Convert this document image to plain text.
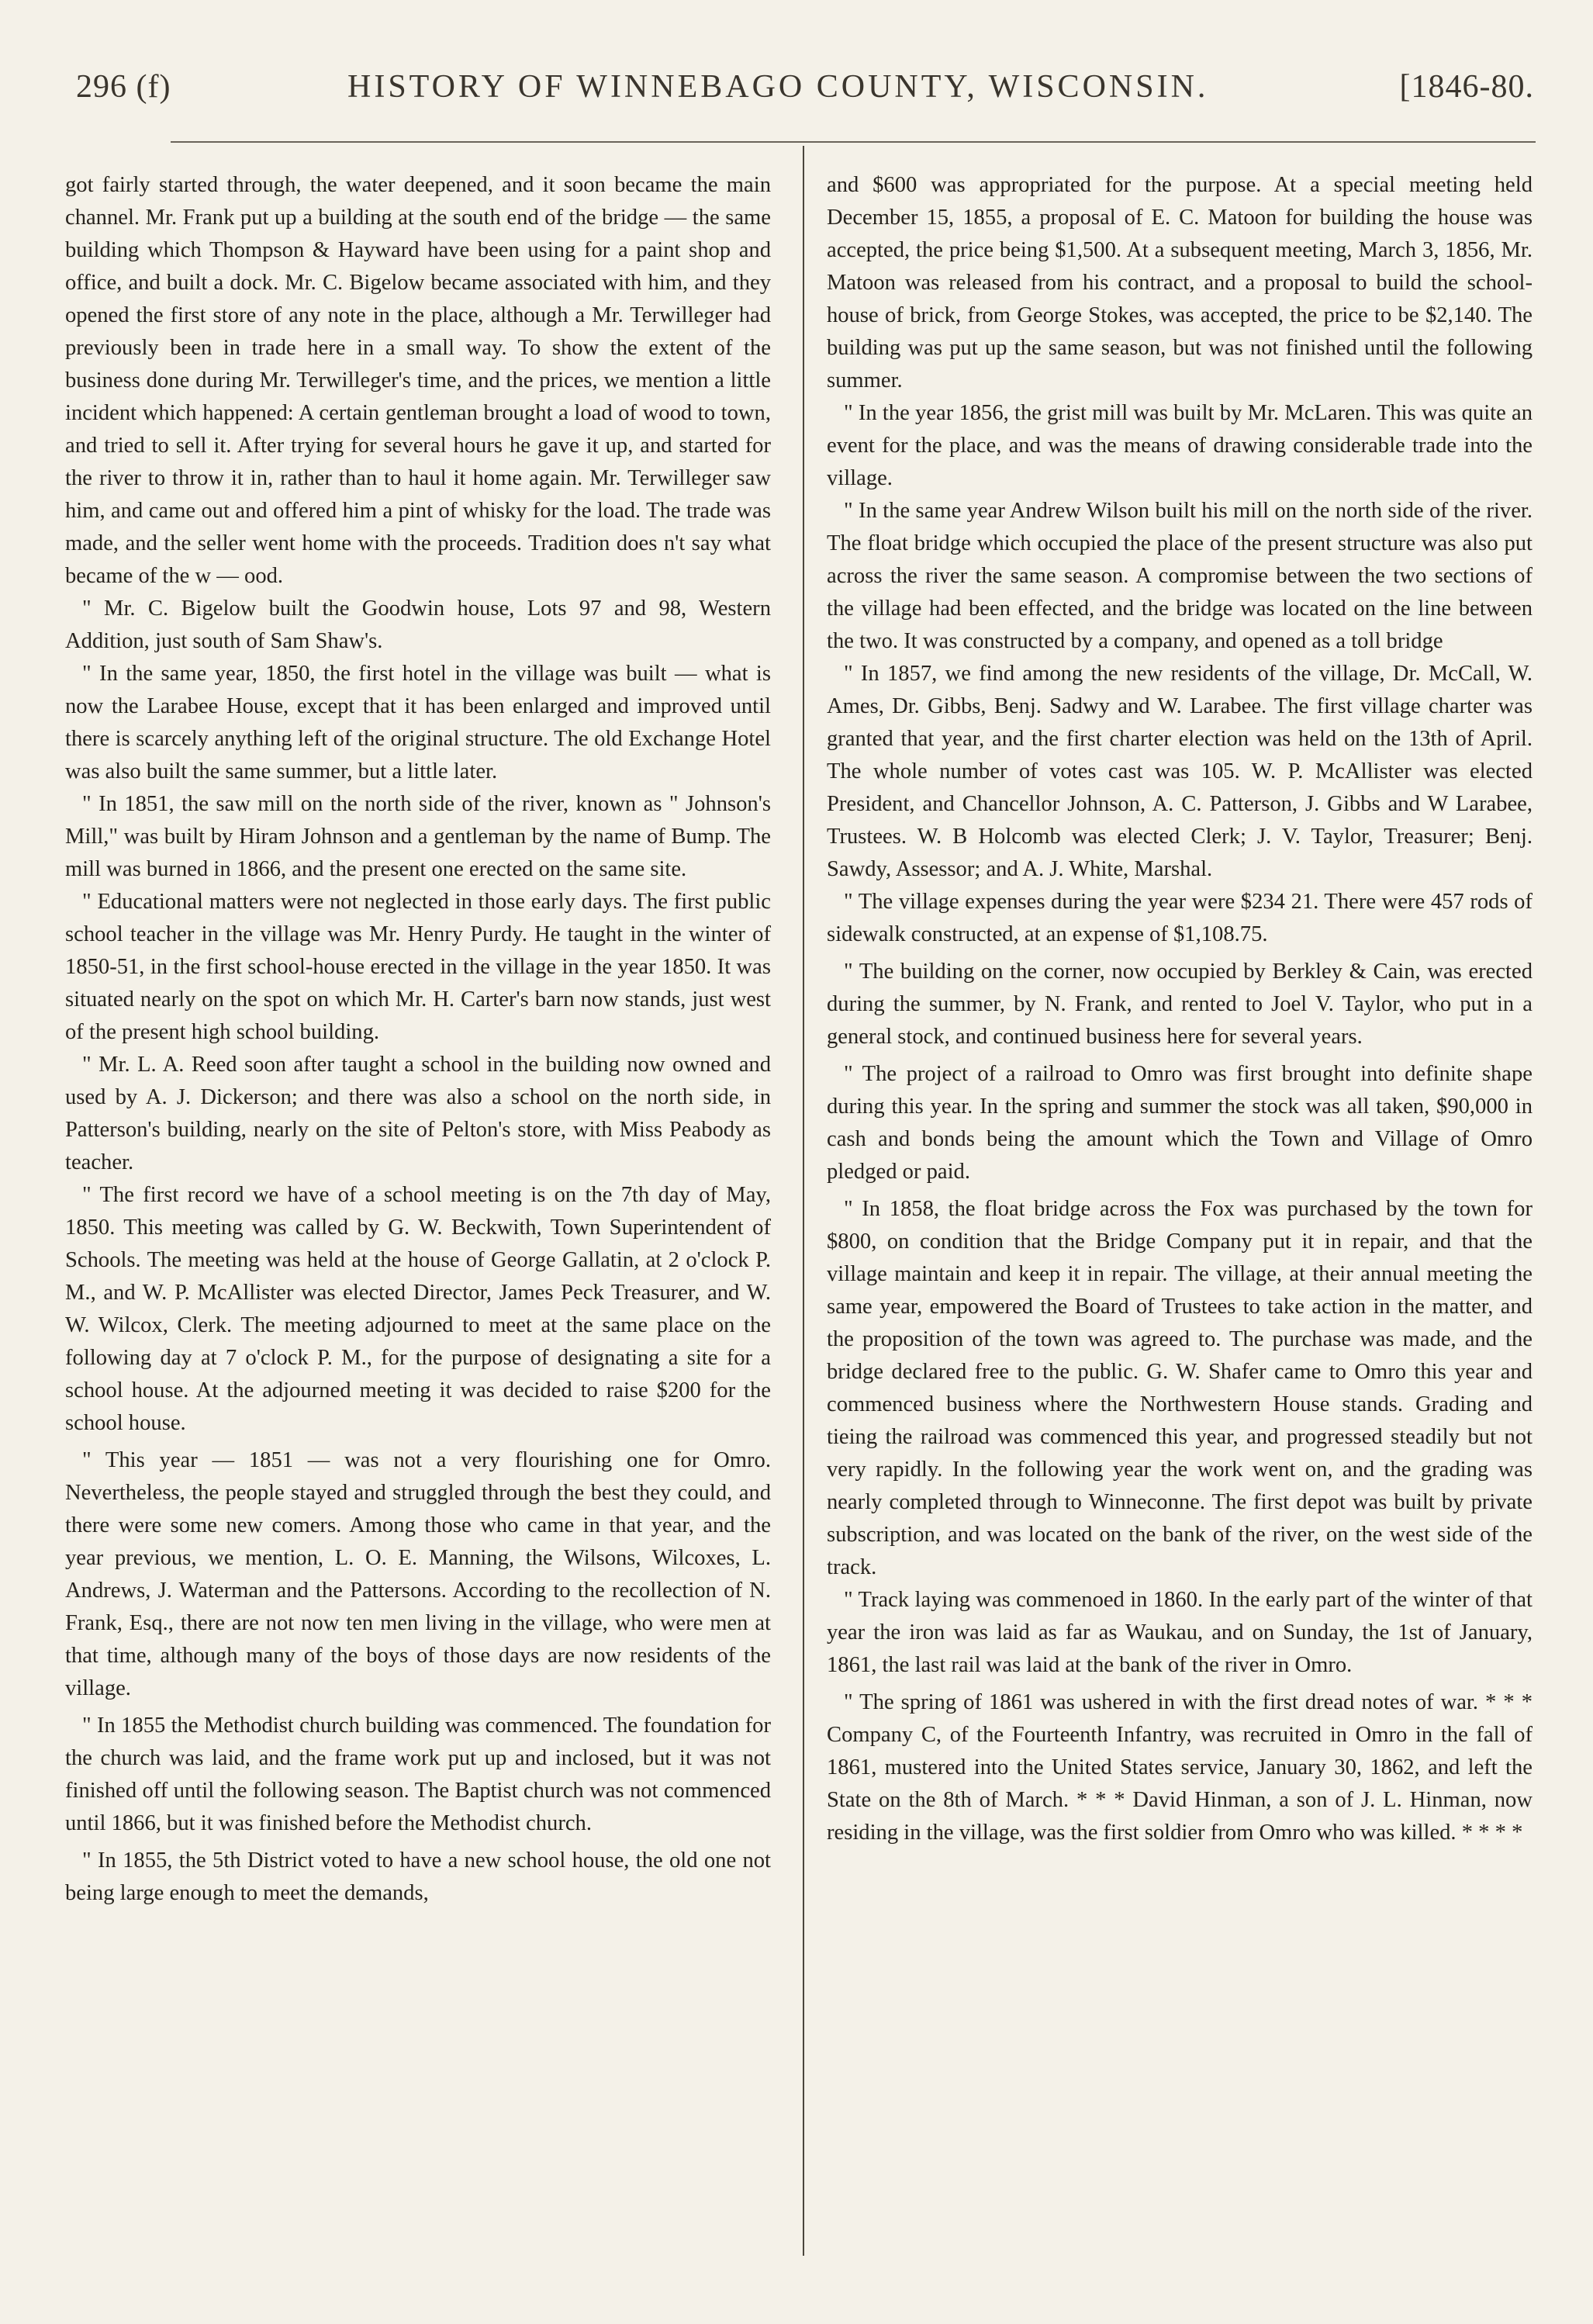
296 (f)	HISTORY OF WINNEBAGO COUNTY, WISCONSIN.	[1846-80.

got fairly started through, the water deepened, and it soon became the main channel. Mr. Frank put up a building at the south end of the bridge — the same building which Thompson & Hayward have been using for a paint shop and office, and built a dock. Mr. C. Bigelow became associated with him, and they opened the first store of any note in the place, although a Mr. Terwilleger had previously been in trade here in a small way. To show the extent of the business done during Mr. Terwilleger's time, and the prices, we mention a little incident which happened: A certain gentleman brought a load of wood to town, and tried to sell it. After trying for several hours he gave it up, and started for the river to throw it in, rather than to haul it home again. Mr. Terwilleger saw him, and came out and offered him a pint of whisky for the load. The trade was made, and the seller went home with the proceeds. Tradition does n't say what became of the w — ood.

" Mr. C. Bigelow built the Goodwin house, Lots 97 and 98, Western Addition, just south of Sam Shaw's.

" In the same year, 1850, the first hotel in the village was built — what is now the Larabee House, except that it has been enlarged and improved until there is scarcely anything left of the original structure. The old Exchange Hotel was also built the same summer, but a little later.

" In 1851, the saw mill on the north side of the river, known as " Johnson's Mill," was built by Hiram Johnson and a gentleman by the name of Bump. The mill was burned in 1866, and the present one erected on the same site.

" Educational matters were not neglected in those early days. The first public school teacher in the village was Mr. Henry Purdy. He taught in the winter of 1850-51, in the first school-house erected in the village in the year 1850. It was situated nearly on the spot on which Mr. H. Carter's barn now stands, just west of the present high school building.

" Mr. L. A. Reed soon after taught a school in the building now owned and used by A. J. Dickerson; and there was also a school on the north side, in Patterson's building, nearly on the site of Pelton's store, with Miss Peabody as teacher.

" The first record we have of a school meeting is on the 7th day of May, 1850. This meeting was called by G. W. Beckwith, Town Superintendent of Schools. The meeting was held at the house of George Gallatin, at 2 o'clock P. M., and W. P. McAllister was elected Director, James Peck Treasurer, and W. W. Wilcox, Clerk. The meeting adjourned to meet at the same place on the following day at 7 o'clock P. M., for the purpose of designating a site for a school house. At the adjourned meeting it was decided to raise $200 for the school house.

" This year — 1851 — was not a very flourishing one for Omro. Nevertheless, the people stayed and struggled through the best they could, and there were some new comers. Among those who came in that year, and the year previous, we mention, L. O. E. Manning, the Wilsons, Wilcoxes, L. Andrews, J. Waterman and the Pattersons. According to the recollection of N. Frank, Esq., there are not now ten men living in the village, who were men at that time, although many of the boys of those days are now residents of the village.

" In 1855 the Methodist church building was commenced. The foundation for the church was laid, and the frame work put up and inclosed, but it was not finished off until the following season. The Baptist church was not commenced until 1866, but it was finished before the Methodist church.

" In 1855, the 5th District voted to have a new school house, the old one not being large enough to meet the demands,

and $600 was appropriated for the purpose. At a special meeting held December 15, 1855, a proposal of E. C. Matoon for building the house was accepted, the price being $1,500. At a subsequent meeting, March 3, 1856, Mr. Matoon was released from his contract, and a proposal to build the school-house of brick, from George Stokes, was accepted, the price to be $2,140. The building was put up the same season, but was not finished until the following summer.

" In the year 1856, the grist mill was built by Mr. McLaren. This was quite an event for the place, and was the means of drawing considerable trade into the village.

" In the same year Andrew Wilson built his mill on the north side of the river. The float bridge which occupied the place of the present structure was also put across the river the same season. A compromise between the two sections of the village had been effected, and the bridge was located on the line between the two. It was constructed by a company, and opened as a toll bridge

" In 1857, we find among the new residents of the village, Dr. McCall, W. Ames, Dr. Gibbs, Benj. Sadwy and W. Larabee. The first village charter was granted that year, and the first charter election was held on the 13th of April. The whole number of votes cast was 105. W. P. McAllister was elected President, and Chancellor Johnson, A. C. Patterson, J. Gibbs and W Larabee, Trustees. W. B Holcomb was elected Clerk; J. V. Taylor, Treasurer; Benj. Sawdy, Assessor; and A. J. White, Marshal.

" The village expenses during the year were $234 21. There were 457 rods of sidewalk constructed, at an expense of $1,108.75.

" The building on the corner, now occupied by Berkley & Cain, was erected during the summer, by N. Frank, and rented to Joel V. Taylor, who put in a general stock, and continued business here for several years.

" The project of a railroad to Omro was first brought into definite shape during this year. In the spring and summer the stock was all taken, $90,000 in cash and bonds being the amount which the Town and Village of Omro pledged or paid.

" In 1858, the float bridge across the Fox was purchased by the town for $800, on condition that the Bridge Company put it in repair, and that the village maintain and keep it in repair. The village, at their annual meeting the same year, empowered the Board of Trustees to take action in the matter, and the proposition of the town was agreed to. The purchase was made, and the bridge declared free to the public. G. W. Shafer came to Omro this year and commenced business where the Northwestern House stands. Grading and tieing the railroad was commenced this year, and progressed steadily but not very rapidly. In the following year the work went on, and the grading was nearly completed through to Winneconne. The first depot was built by private subscription, and was located on the bank of the river, on the west side of the track.

" Track laying was commenoed in 1860. In the early part of the winter of that year the iron was laid as far as Waukau, and on Sunday, the 1st of January, 1861, the last rail was laid at the bank of the river in Omro.

" The spring of 1861 was ushered in with the first dread notes of war. * * * Company C, of the Fourteenth Infantry, was recruited in Omro in the fall of 1861, mustered into the United States service, January 30, 1862, and left the State on the 8th of March. * * * David Hinman, a son of J. L. Hinman, now residing in the village, was the first soldier from Omro who was killed. * * * *
